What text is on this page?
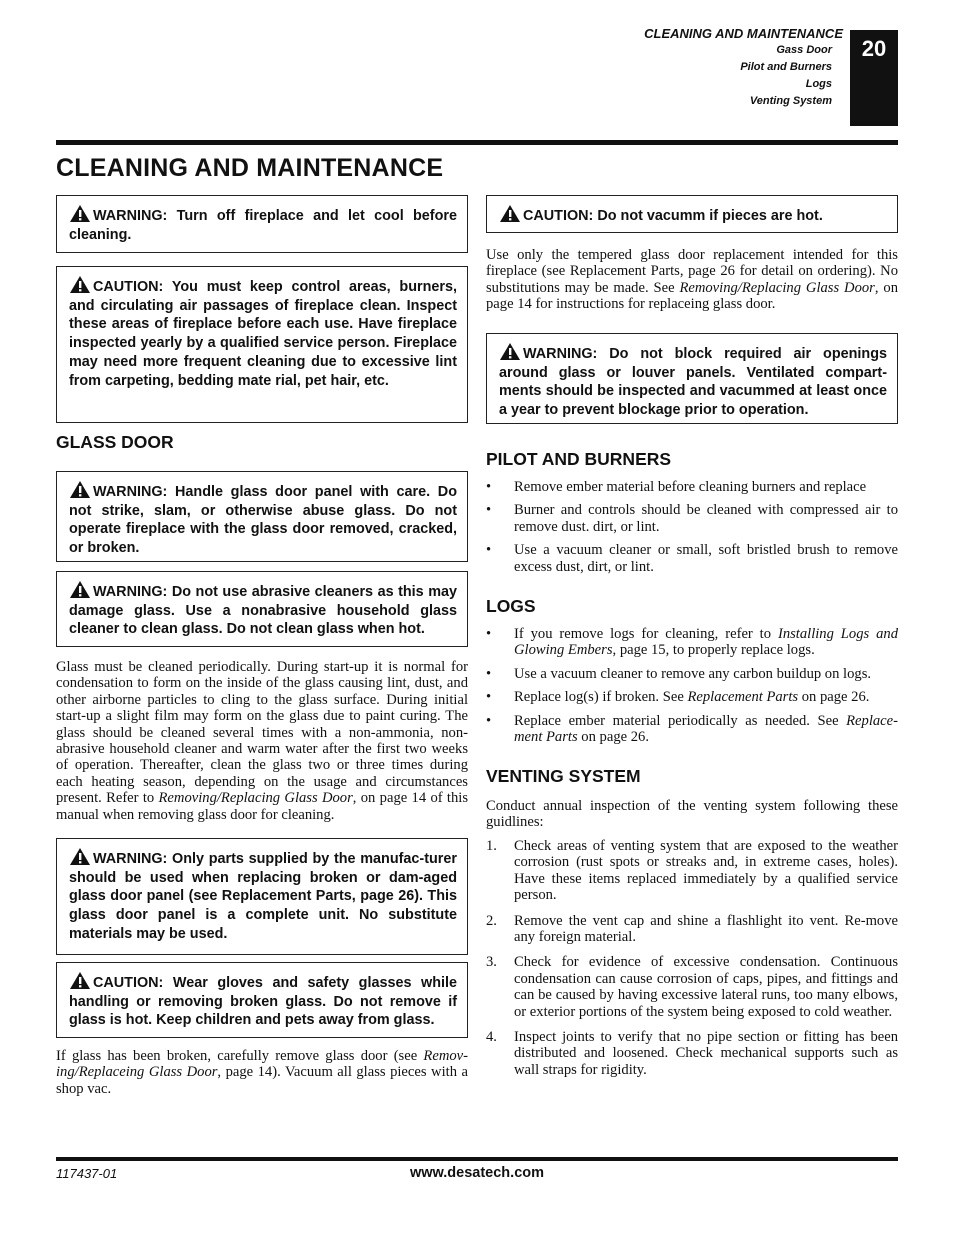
CLEANING AND MAINTENANCE
Gass Door
Pilot and Burners
Logs
Venting System
20
CLEANING AND MAINTENANCE
WARNING: Turn off fireplace and let cool before cleaning.
CAUTION: You must keep control areas, burners, and circulating air passages of fireplace clean. Inspect these areas of fireplace before each use. Have fireplace inspected yearly by a qualified service person. Fireplace may need more frequent cleaning due to excessive lint from carpeting, bedding mate rial, pet hair, etc.
GLASS DOOR
WARNING: Handle glass door panel with care. Do not strike, slam, or otherwise abuse glass. Do not operate fireplace with the glass door removed, cracked, or broken.
WARNING: Do not use abrasive cleaners as this may damage glass. Use a nonabrasive household glass cleaner to clean glass. Do not clean glass when hot.
Glass must be cleaned periodically. During start-up it is normal for condensation to form on the inside of the glass causing lint, dust, and other airborne particles to cling to the glass surface. During initial start-up a slight film may form on the glass due to paint curing. The glass should be cleaned several times with a non-ammonia, non-abrasive household cleaner and warm water after the first two weeks of operation. Thereafter, clean the glass two or three times during each heating season, depending on the usage and circumstances present. Refer to Removing/Replacing Glass Door, on page 14 of this manual when removing glass door for cleaning.
WARNING: Only parts supplied by the manufac-turer should be used when replacing broken or dam-aged glass door panel (see Replacement Parts, page 26). This glass door panel is a complete unit. No substitute materials may be used.
CAUTION: Wear gloves and safety glasses while handling or removing broken glass. Do not remove if glass is hot. Keep children and pets away from glass.
If glass has been broken, carefully remove glass door (see Remov-ing/Replaceing Glass Door, page 14). Vacuum all glass pieces with a shop vac.
CAUTION: Do not vacumm if pieces are hot.
Use only the tempered glass door replacement intended for this fireplace (see Replacement Parts, page 26 for detail on ordering). No substitutions may be made. See Removing/Replacing Glass Door, on page 14 for instructions for replaceing glass door.
WARNING: Do not block required air openings around glass or louver panels. Ventilated compart-ments should be inspected and vacummed at least once a year to prevent blockage prior to operation.
PILOT AND BURNERS
• Remove ember material before cleaning burners and replace
• Burner and controls should be cleaned with compressed air to remove dust. dirt, or lint.
• Use a vacuum cleaner or small, soft bristled brush to remove excess dust, dirt, or lint.
LOGS
• If you remove logs for cleaning, refer to Installing Logs and Glowing Embers, page 15, to properly replace logs.
• Use a vacuum cleaner to remove any carbon buildup on logs.
• Replace log(s) if broken. See Replacement Parts on page 26.
• Replace ember material periodically as needed. See Replace-ment Parts on page 26.
VENTING SYSTEM
Conduct annual inspection of the venting system following these guidlines:
1. Check areas of venting system that are exposed to the weather corrosion (rust spots or streaks and, in extreme cases, holes). Have these items replaced immediately by a qualified service person.
2. Remove the vent cap and shine a flashlight ito vent. Re-move any foreign material.
3. Check for evidence of excessive condensation. Continuous condensation can cause corrosion of caps, pipes, and fittings and can be caused by having excessive lateral runs, too many elbows, or exterior portions of the system being exposed to cold weather.
4. Inspect joints to verify that no pipe section or fitting has been distributed and loosened. Check mechanical supports such as wall straps for rigidity.
117437-01	www.desatech.com
